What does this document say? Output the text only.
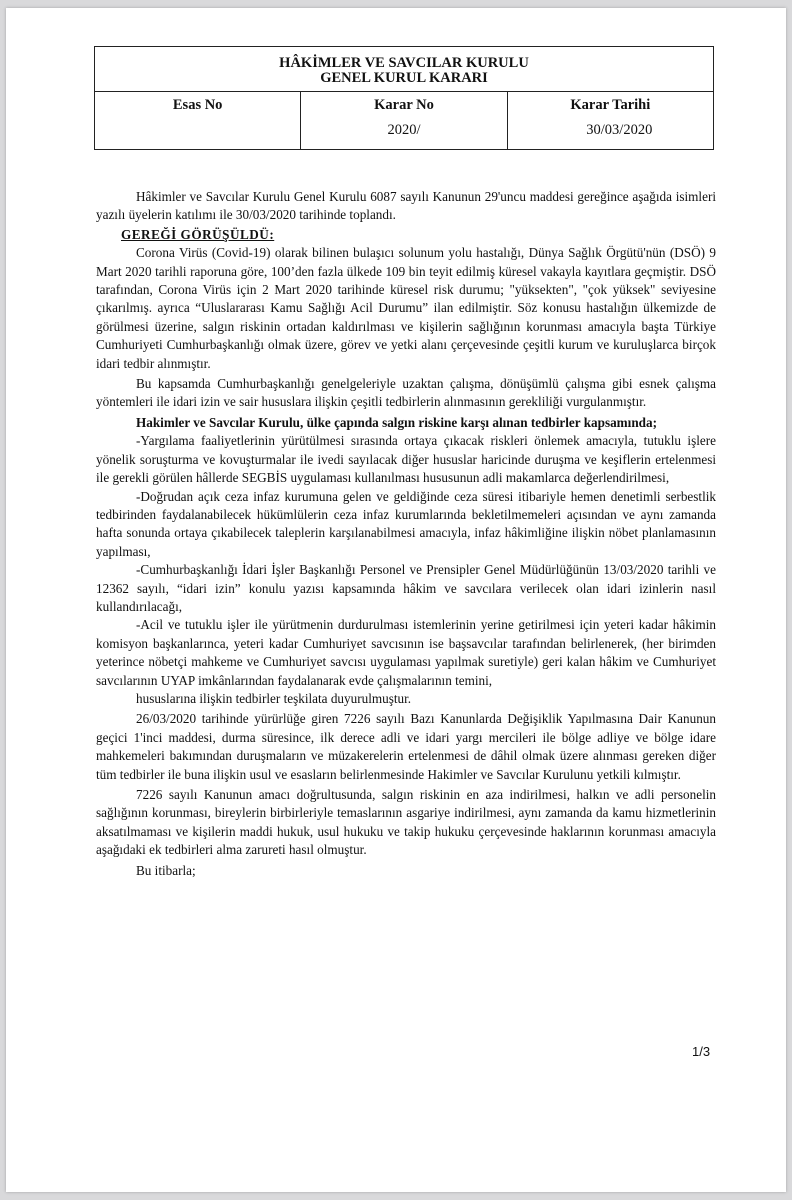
HÂKİMLER VE SAVCILAR KURULU
GENEL KURUL KARARI
Esas No	Karar No
2020/
Karar Tarihi
30/03/2020

Hâkimler ve Savcılar Kurulu Genel Kurulu 6087 sayılı Kanunun 29'uncu maddesi gereğince aşağıda isimleri yazılı üyelerin katılımı ile 30/03/2020 tarihinde toplandı.

GEREĞİ GÖRÜŞÜLDÜ:

Corona Virüs (Covid-19) olarak bilinen bulaşıcı solunum yolu hastalığı, Dünya Sağlık Örgütü'nün (DSÖ) 9 Mart 2020 tarihli raporuna göre, 100’den fazla ülkede 109 bin teyit edilmiş küresel vakayla kayıtlara geçmiştir. DSÖ tarafından, Corona Virüs için 2 Mart 2020 tarihinde küresel risk durumu; "yüksekten", "çok yüksek" seviyesine çıkarılmış. ayrıca “Uluslararası Kamu Sağlığı Acil Durumu” ilan edilmiştir. Söz konusu hastalığın ülkemizde de görülmesi üzerine, salgın riskinin ortadan kaldırılması ve kişilerin sağlığının korunması amacıyla başta Türkiye Cumhuriyeti Cumhurbaşkanlığı olmak üzere, görev ve yetki alanı çerçevesinde çeşitli kurum ve kuruluşlarca birçok idari tedbir alınmıştır.

Bu kapsamda Cumhurbaşkanlığı genelgeleriyle uzaktan çalışma, dönüşümlü çalışma gibi esnek çalışma yöntemleri ile idari izin ve sair hususlara ilişkin çeşitli tedbirlerin alınmasının gerekliliği vurgulanmıştır.

Hakimler ve Savcılar Kurulu, ülke çapında salgın riskine karşı alınan tedbirler kapsamında;

-Yargılama faaliyetlerinin yürütülmesi sırasında ortaya çıkacak riskleri önlemek amacıyla, tutuklu işlere yönelik soruşturma ve kovuşturmalar ile ivedi sayılacak diğer hususlar haricinde duruşma ve keşiflerin ertelenmesi ile gerekli görülen hâllerde SEGBİS uygulaması kullanılması hususunun adli makamlarca değerlendirilmesi,

-Doğrudan açık ceza infaz kurumuna gelen ve geldiğinde ceza süresi itibariyle hemen denetimli serbestlik tedbirinden faydalanabilecek hükümlülerin ceza infaz kurumlarında bekletilmemeleri açısından ve aynı zamanda hafta sonunda ortaya çıkabilecek taleplerin karşılanabilmesi amacıyla, infaz hâkimliğine ilişkin nöbet planlamasının yapılması,

-Cumhurbaşkanlığı İdari İşler Başkanlığı Personel ve Prensipler Genel Müdürlüğünün 13/03/2020 tarihli ve 12362 sayılı, “idari izin” konulu yazısı kapsamında hâkim ve savcılara verilecek olan idari izinlerin nasıl kullandırılacağı,

-Acil ve tutuklu işler ile yürütmenin durdurulması istemlerinin yerine getirilmesi için yeteri kadar hâkimin komisyon başkanlarınca, yeteri kadar Cumhuriyet savcısının ise başsavcılar tarafından belirlenerek, (her birimden yeterince nöbetçi mahkeme ve Cumhuriyet savcısı uygulaması yapılmak suretiyle) geri kalan hâkim ve Cumhuriyet savcılarının UYAP imkânlarından faydalanarak evde çalışmalarının temini,

hususlarına ilişkin tedbirler teşkilata duyurulmuştur.

26/03/2020 tarihinde yürürlüğe giren 7226 sayılı Bazı Kanunlarda Değişiklik Yapılmasına Dair Kanunun geçici 1'inci maddesi, durma süresince, ilk derece adli ve idari yargı mercileri ile bölge adliye ve bölge idare mahkemeleri bakımından duruşmaların ve müzakerelerin ertelenmesi de dâhil olmak üzere alınması gereken diğer tüm tedbirler ile buna ilişkin usul ve esasların belirlenmesinde Hakimler ve Savcılar Kurulunu yetkili kılmıştır.

7226 sayılı Kanunun amacı doğrultusunda, salgın riskinin en aza indirilmesi, halkın ve adli personelin sağlığının korunması, bireylerin birbirleriyle temaslarının asgariye indirilmesi, aynı zamanda da kamu hizmetlerinin aksatılmaması ve kişilerin maddi hukuk, usul hukuku ve takip hukuku çerçevesinde haklarının korunması amacıyla aşağıdaki ek tedbirleri alma zarureti hasıl olmuştur.

Bu itibarla;

1/3
